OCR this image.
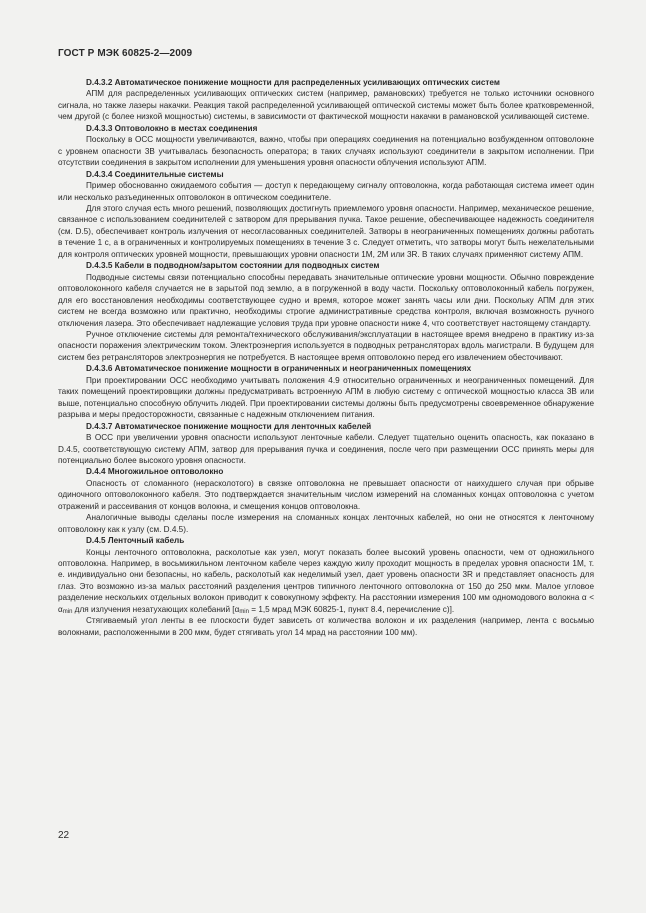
ГОСТ Р МЭК 60825-2—2009
D.4.3.2 Автоматическое понижение мощности для распределенных усиливающих оптических систем
АПМ для распределенных усиливающих оптических систем (например, рамановских) требуется не только источники основного сигнала, но также лазеры накачки. Реакция такой распределенной усиливающей оптической системы может быть более кратковременной, чем другой (с более низкой мощностью) системы, в зависимости от фактической мощности накачки в рамановской усиливающей системе.
D.4.3.3 Оптоволокно в местах соединения
Поскольку в ОСС мощности увеличиваются, важно, чтобы при операциях соединения на потенциально возбужденном оптоволокне с уровнем опасности 3В учитывалась безопасность оператора; в таких случаях используют соединители в закрытом исполнении. При отсутствии соединения в закрытом исполнении для уменьшения уровня опасности облучения используют АПМ.
D.4.3.4 Соединительные системы
Пример обоснованно ожидаемого события — доступ к передающему сигналу оптоволокна, когда работающая система имеет один или несколько разъединенных оптоволокон в оптическом соединителе.
Для этого случая есть много решений, позволяющих достигнуть приемлемого уровня опасности. Например, механическое решение, связанное с использованием соединителей с затвором для прерывания пучка. Такое решение, обеспечивающее надежность соединителя (см. D.5), обеспечивает контроль излучения от несогласованных соединителей. Затворы в неограниченных помещениях должны работать в течение 1 с, а в ограниченных и контролируемых помещениях в течение 3 с. Следует отметить, что затворы могут быть нежелательными для контроля оптических уровней мощности, превышающих уровни опасности 1М, 2М или 3R. В таких случаях применяют систему АПМ.
D.4.3.5 Кабели в подводном/зарытом состоянии для подводных систем
Подводные системы связи потенциально способны передавать значительные оптические уровни мощности. Обычно повреждение оптоволоконного кабеля случается не в зарытой под землю, а в погруженной в воду части. Поскольку оптоволоконный кабель погружен, для его восстановления необходимы соответствующее судно и время, которое может занять часы или дни. Поскольку АПМ для этих систем не всегда возможно или практично, необходимы строгие административные средства контроля, включая возможность ручного отключения лазера. Это обеспечивает надлежащие условия труда при уровне опасности ниже 4, что соответствует настоящему стандарту.
Ручное отключение системы для ремонта/технического обслуживания/эксплуатации в настоящее время внедрено в практику из-за опасности поражения электрическим током. Электроэнергия используется в подводных ретрансляторах вдоль магистрали. В будущем для систем без ретрансляторов электроэнергия не потребуется. В настоящее время оптоволокно перед его извлечением обесточивают.
D.4.3.6 Автоматическое понижение мощности в ограниченных и неограниченных помещениях
При проектировании ОСС необходимо учитывать положения 4.9 относительно ограниченных и неограниченных помещений. Для таких помещений проектировщики должны предусматривать встроенную АПМ в любую систему с оптической мощностью класса 3В или выше, потенциально способную облучить людей. При проектировании системы должны быть предусмотрены своевременное обнаружение разрыва и меры предосторожности, связанные с надежным отключением питания.
D.4.3.7 Автоматическое понижение мощности для ленточных кабелей
В ОСС при увеличении уровня опасности используют ленточные кабели. Следует тщательно оценить опасность, как показано в D.4.5, соответствующую систему АПМ, затвор для прерывания пучка и соединения, после чего при размещении ОСС принять меры для потенциально более высокого уровня опасности.
D.4.4 Многожильное оптоволокно
Опасность от сломанного (нерасколотого) в связке оптоволокна не превышает опасности от наихудшего случая при обрыве одиночного оптоволоконного кабеля. Это подтверждается значительным числом измерений на сломанных концах оптоволокна с учетом отражений и рассеивания от концов волокна, и смещения концов оптоволокна.
Аналогичные выводы сделаны после измерения на сломанных концах ленточных кабелей, но они не относятся к ленточному оптоволокну как к узлу (см. D.4.5).
D.4.5 Ленточный кабель
Концы ленточного оптоволокна, расколотые как узел, могут показать более высокий уровень опасности, чем от одножильного оптоволокна. Например, в восьмижильном ленточном кабеле через каждую жилу проходит мощность в пределах уровня опасности 1М, т. е. индивидуально они безопасны, но кабель, расколотый как неделимый узел, дает уровень опасности 3R и представляет опасность для глаз. Это возможно из-за малых расстояний разделения центров типичного ленточного оптоволокна от 150 до 250 мкм. Малое угловое разделение нескольких отдельных волокон приводит к совокупному эффекту. На расстоянии измерения 100 мм одномодового волокна $\alpha < \alpha_{min}$ для излучения незатухающих колебаний [$\alpha_{min} = 1,5$ мрад МЭК 60825-1, пункт 8.4, перечисление с)].
Стягиваемый угол ленты в ее плоскости будет зависеть от количества волокон и их разделения (например, лента с восьмью волокнами, расположенными в 200 мкм, будет стягивать угол 14 мрад на расстоянии 100 мм).
22
